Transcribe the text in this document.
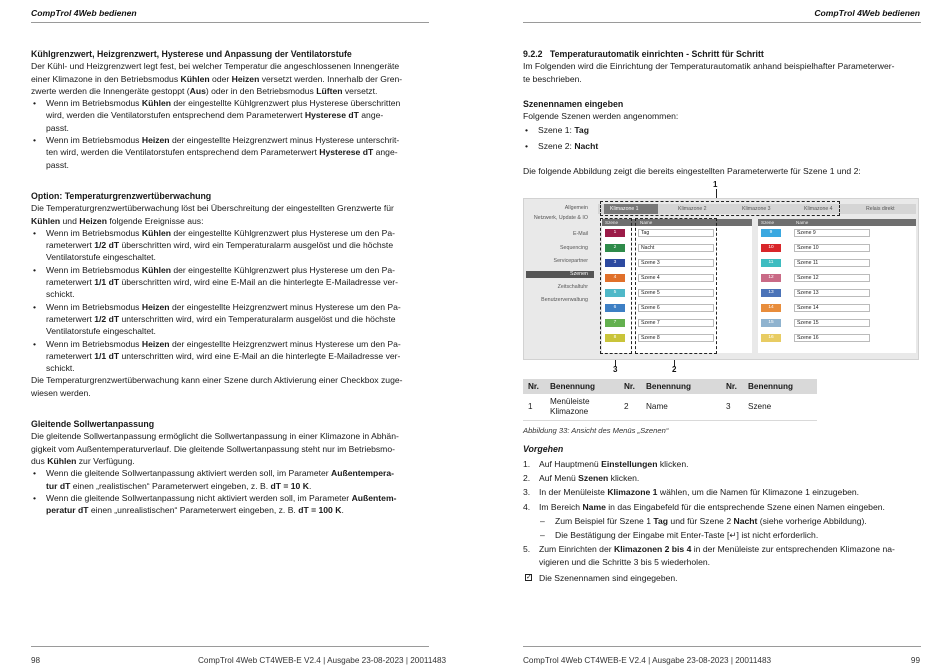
CompTrol 4Web bedienen
Kühlgrenzwert, Heizgrenzwert, Hysterese und Anpassung der Ventilatorstufe

Der Kühl- und Heizgrenzwert legt fest, bei welcher Temperatur die angeschlossenen Innengeräte

einer Klimazone in den Betriebsmodus Kühlen oder Heizen versetzt werden. Innerhalb der Gren-

zwerte werden die Innengeräte gestoppt (Aus) oder in den Betriebsmodus Lüften versetzt.

• Wenn im Betriebsmodus Kühlen der eingestellte Kühlgrenzwert plus Hysterese überschritten
wird, werden die Ventilatorstufen entsprechend dem Parameterwert Hysterese dT ange-
passt.
• Wenn im Betriebsmodus Heizen der eingestellte Heizgrenzwert minus Hysterese unterschrit-
ten wird, werden die Ventilatorstufen entsprechend dem Parameterwert Hysterese dT ange-
passt.
Option: Temperaturgrenzwertüberwachung

Die Temperaturgrenzwertüberwachung löst bei Überschreitung der eingestellten Grenzwerte für

Kühlen und Heizen folgende Ereignisse aus:

• Wenn im Betriebsmodus Kühlen der eingestellte Kühlgrenzwert plus Hysterese um den Pa-
rameterwert 1/2 dT überschritten wird, wird ein Temperaturalarm ausgelöst und die höchste
Ventilatorstufe eingeschaltet.
• Wenn im Betriebsmodus Kühlen der eingestellte Kühlgrenzwert plus Hysterese um den Pa-
rameterwert 1/1 dT überschritten wird, wird eine E-Mail an die hinterlegte E-Mailadresse ver-
schickt.
• Wenn im Betriebsmodus Heizen der eingestellte Heizgrenzwert minus Hysterese um den Pa-
rameterwert 1/2 dT unterschritten wird, wird ein Temperaturalarm ausgelöst und die höchste
Ventilatorstufe eingeschaltet.
• Wenn im Betriebsmodus Heizen der eingestellte Heizgrenzwert minus Hysterese um den Pa-
rameterwert 1/1 dT unterschritten wird, wird eine E-Mail an die hinterlegte E-Mailadresse ver-
schickt.

Die Temperaturgrenzwertüberwachung kann einer Szene durch Aktivierung einer Checkbox zuge-

wiesen werden.

Gleitende Sollwertanpassung

Die gleitende Sollwertanpassung ermöglicht die Sollwertanpassung in einer Klimazone in Abhän-

gigkeit vom Außentemperaturverlauf. Die gleitende Sollwertanpassung steht nur im Betriebsmo-

dus Kühlen zur Verfügung.

• Wenn die gleitende Sollwertanpassung aktiviert werden soll, im Parameter Außentempera-
tur dT einen „realistischen“ Parameterwert eingeben, z. B. dT = 10 K.
• Wenn die gleitende Sollwertanpassung nicht aktiviert werden soll, im Parameter Außentem-
peratur dT einen „unrealistischen“ Parameterwert eingeben, z. B. dT = 100 K.
98	CompTrol 4Web CT4WEB-E V2.4 | Ausgabe 23-08-2023 | 20011483
CompTrol 4Web bedienen
9.2.2   Temperaturautomatik einrichten - Schritt für Schritt

Im Folgenden wird die Einrichtung der Temperaturautomatik anhand beispielhafter Parameterwer-

te beschrieben.

Szenennamen eingeben

Folgende Szenen werden angenommen:

• Szene 1: Tag
• Szene 2: Nacht

Die folgende Abbildung zeigt die bereits eingestellten Parameterwerte für Szene 1 und 2:

1
Allgemein
Netzwerk, Update & IO
E-Mail
Sequencing
Servicepartner
Szenen
Zeitschaltuhr
Benutzerverwaltung
Klimazone 1	Klimazone 2	Klimazone 3	Klimazone 4	Relais direkt
Szene	Name	Szene	Name
1	Tag
2	Nacht
3	Szene 3
4	Szene 4
5	Szene 5
6	Szene 6
7	Szene 7
8	Szene 8
9	Szene 9
10	Szene 10
11	Szene 11
12	Szene 12
13	Szene 13
14	Szene 14
15	Szene 15
16	Szene 16
3	2
Nr.	Benennung	Nr.	Benennung	Nr.	Benennung
1	Menüleiste
Klimazone	2	Name	3	Szene
Abbildung 33: Ansicht des Menüs „Szenen“
Vorgehen
1. Auf Hauptmenü Einstellungen klicken.
2. Auf Menü Szenen klicken.
3. In der Menüleiste Klimazone 1 wählen, um die Namen für Klimazone 1 einzugeben.
4. Im Bereich Name in das Eingabefeld für die entsprechende Szene einen Namen eingeben.
– Zum Beispiel für Szene 1 Tag und für Szene 2 Nacht (siehe vorherige Abbildung).
– Die Bestätigung der Eingabe mit Enter-Taste [↵] ist nicht erforderlich.
5. Zum Einrichten der Klimazonen 2 bis 4 in der Menüleiste zur entsprechenden Klimazone na-
vigieren und die Schritte 3 bis 5 wiederholen.
✓ Die Szenennamen sind eingegeben.
CompTrol 4Web CT4WEB-E V2.4 | Ausgabe 23-08-2023 | 20011483	99
